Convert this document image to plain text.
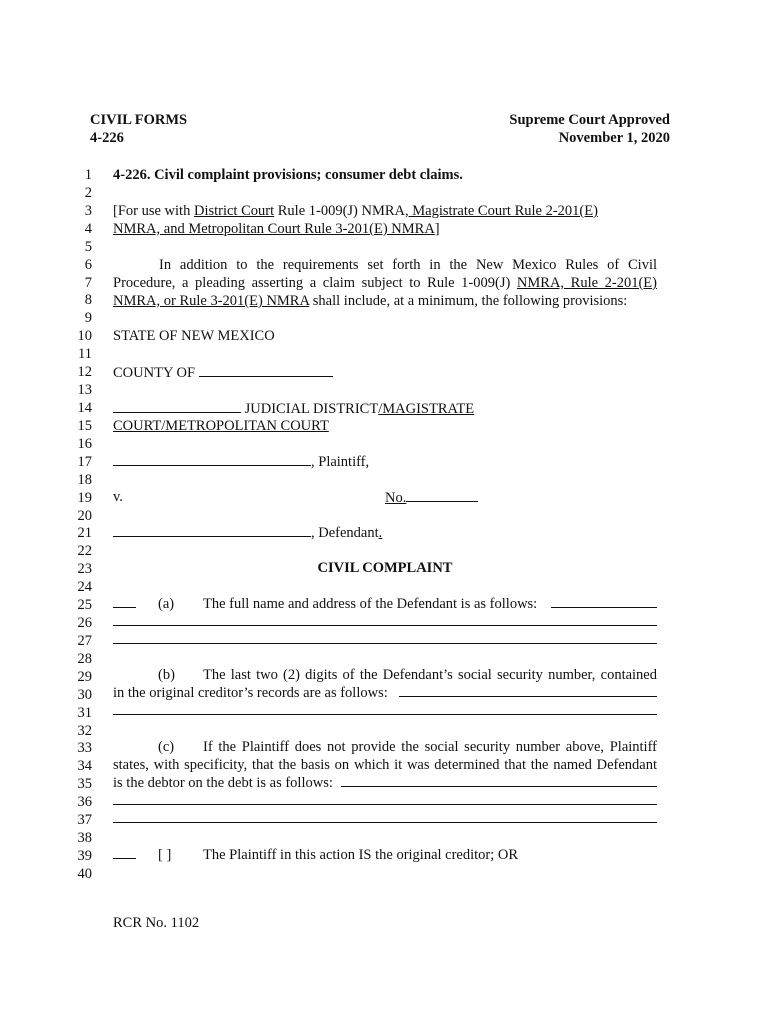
CIVIL FORMS
4-226
Supreme Court Approved
November 1, 2020
1
2
3
4
5
6
7
8
9
10
11
12
13
14
15
16
17
18
19
20
21
22
23
24
25
26
27
28
29
30
31
32
33
34
35
36
37
38
39
40
4-226. Civil complaint provisions; consumer debt claims.
[For use with District Court Rule 1-009(J) NMRA, Magistrate Court Rule 2-201(E)
NMRA, and Metropolitan Court Rule 3-201(E) NMRA]
In addition to the requirements set forth in the New Mexico Rules of Civil
Procedure, a pleading asserting a claim subject to Rule 1-009(J) NMRA, Rule 2-201(E)
NMRA, or Rule 3-201(E) NMRA shall include, at a minimum, the following provisions:
STATE OF NEW MEXICO
COUNTY OF
JUDICIAL DISTRICT/MAGISTRATE
COURT/METROPOLITAN COURT
, Plaintiff,
v.	No.
, Defendant.
CIVIL COMPLAINT
(a) The full name and address of the Defendant is as follows:
(b) The last two (2) digits of the Defendant’s social security number, contained
in the original creditor’s records are as follows:
(c) If the Plaintiff does not provide the social security number above, Plaintiff
states, with specificity, that the basis on which it was determined that the named Defendant
is the debtor on the debt is as follows:
[ ] The Plaintiff in this action IS the original creditor; OR
RCR No. 1102
